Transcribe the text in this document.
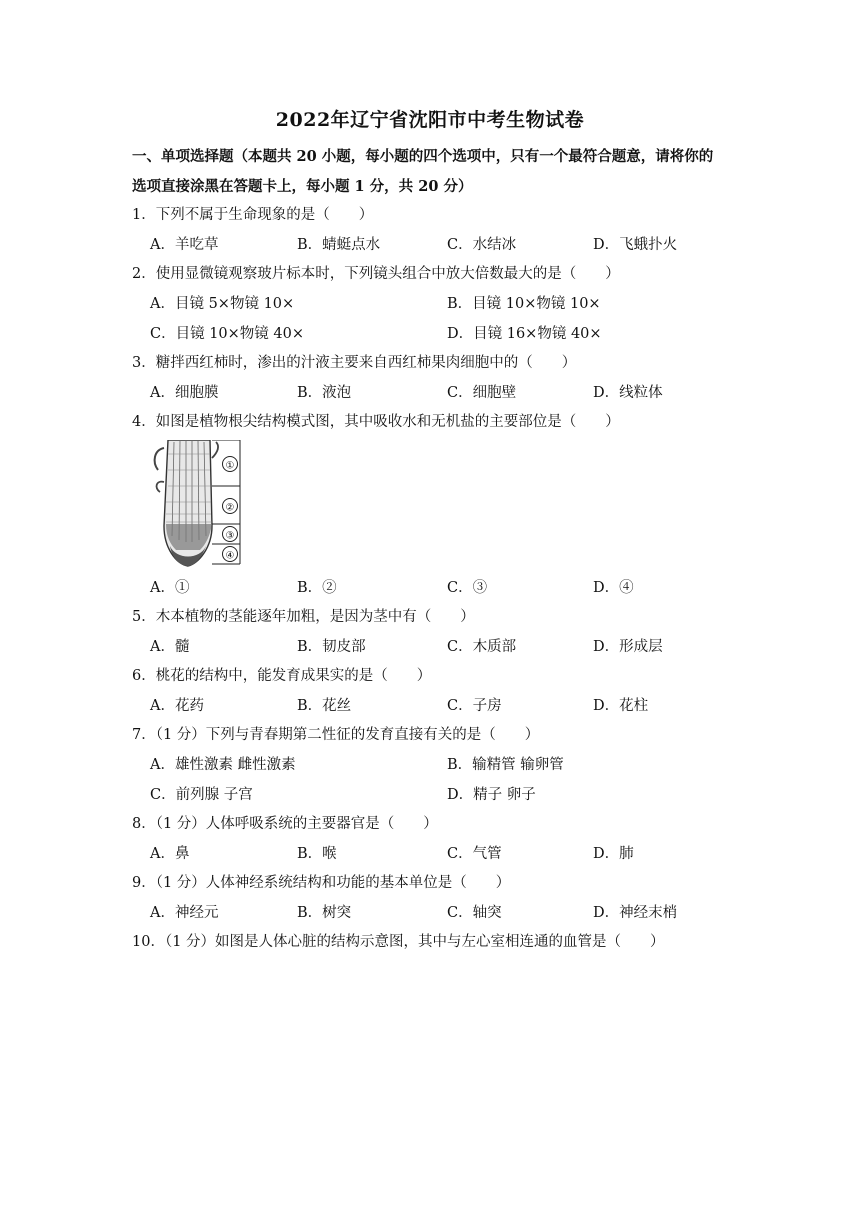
2022年辽宁省沈阳市中考生物试卷
一、单项选择题（本题共 20 小题，每小题的四个选项中，只有一个最符合题意，请将你的
选项直接涂黑在答题卡上，每小题 1 分，共 20 分）
1．下列不属于生命现象的是（　　）
A．羊吃草	B．蜻蜓点水	C．水结冰	D．飞蛾扑火
2．使用显微镜观察玻片标本时，下列镜头组合中放大倍数最大的是（　　）
A．目镜 5×物镜 10×	B．目镜 10×物镜 10×
C．目镜 10×物镜 40×	D．目镜 16×物镜 40×
3．糖拌西红柿时，渗出的汁液主要来自西红柿果肉细胞中的（　　）
A．细胞膜	B．液泡	C．细胞壁	D．线粒体
4．如图是植物根尖结构模式图，其中吸收水和无机盐的主要部位是（　　）
①
②
③
④
A．①	B．②	C．③	D．④
5．木本植物的茎能逐年加粗，是因为茎中有（　　）
A．髓	B．韧皮部	C．木质部	D．形成层
6．桃花的结构中，能发育成果实的是（　　）
A．花药	B．花丝	C．子房	D．花柱
7．（1 分）下列与青春期第二性征的发育直接有关的是（　　）
A．雄性激素 雌性激素	B．输精管 输卵管
C．前列腺 子宫	D．精子 卵子
8．（1 分）人体呼吸系统的主要器官是（　　）
A．鼻	B．喉	C．气管	D．肺
9．（1 分）人体神经系统结构和功能的基本单位是（　　）
A．神经元	B．树突	C．轴突	D．神经末梢
10．（1 分）如图是人体心脏的结构示意图，其中与左心室相连通的血管是（　　）
